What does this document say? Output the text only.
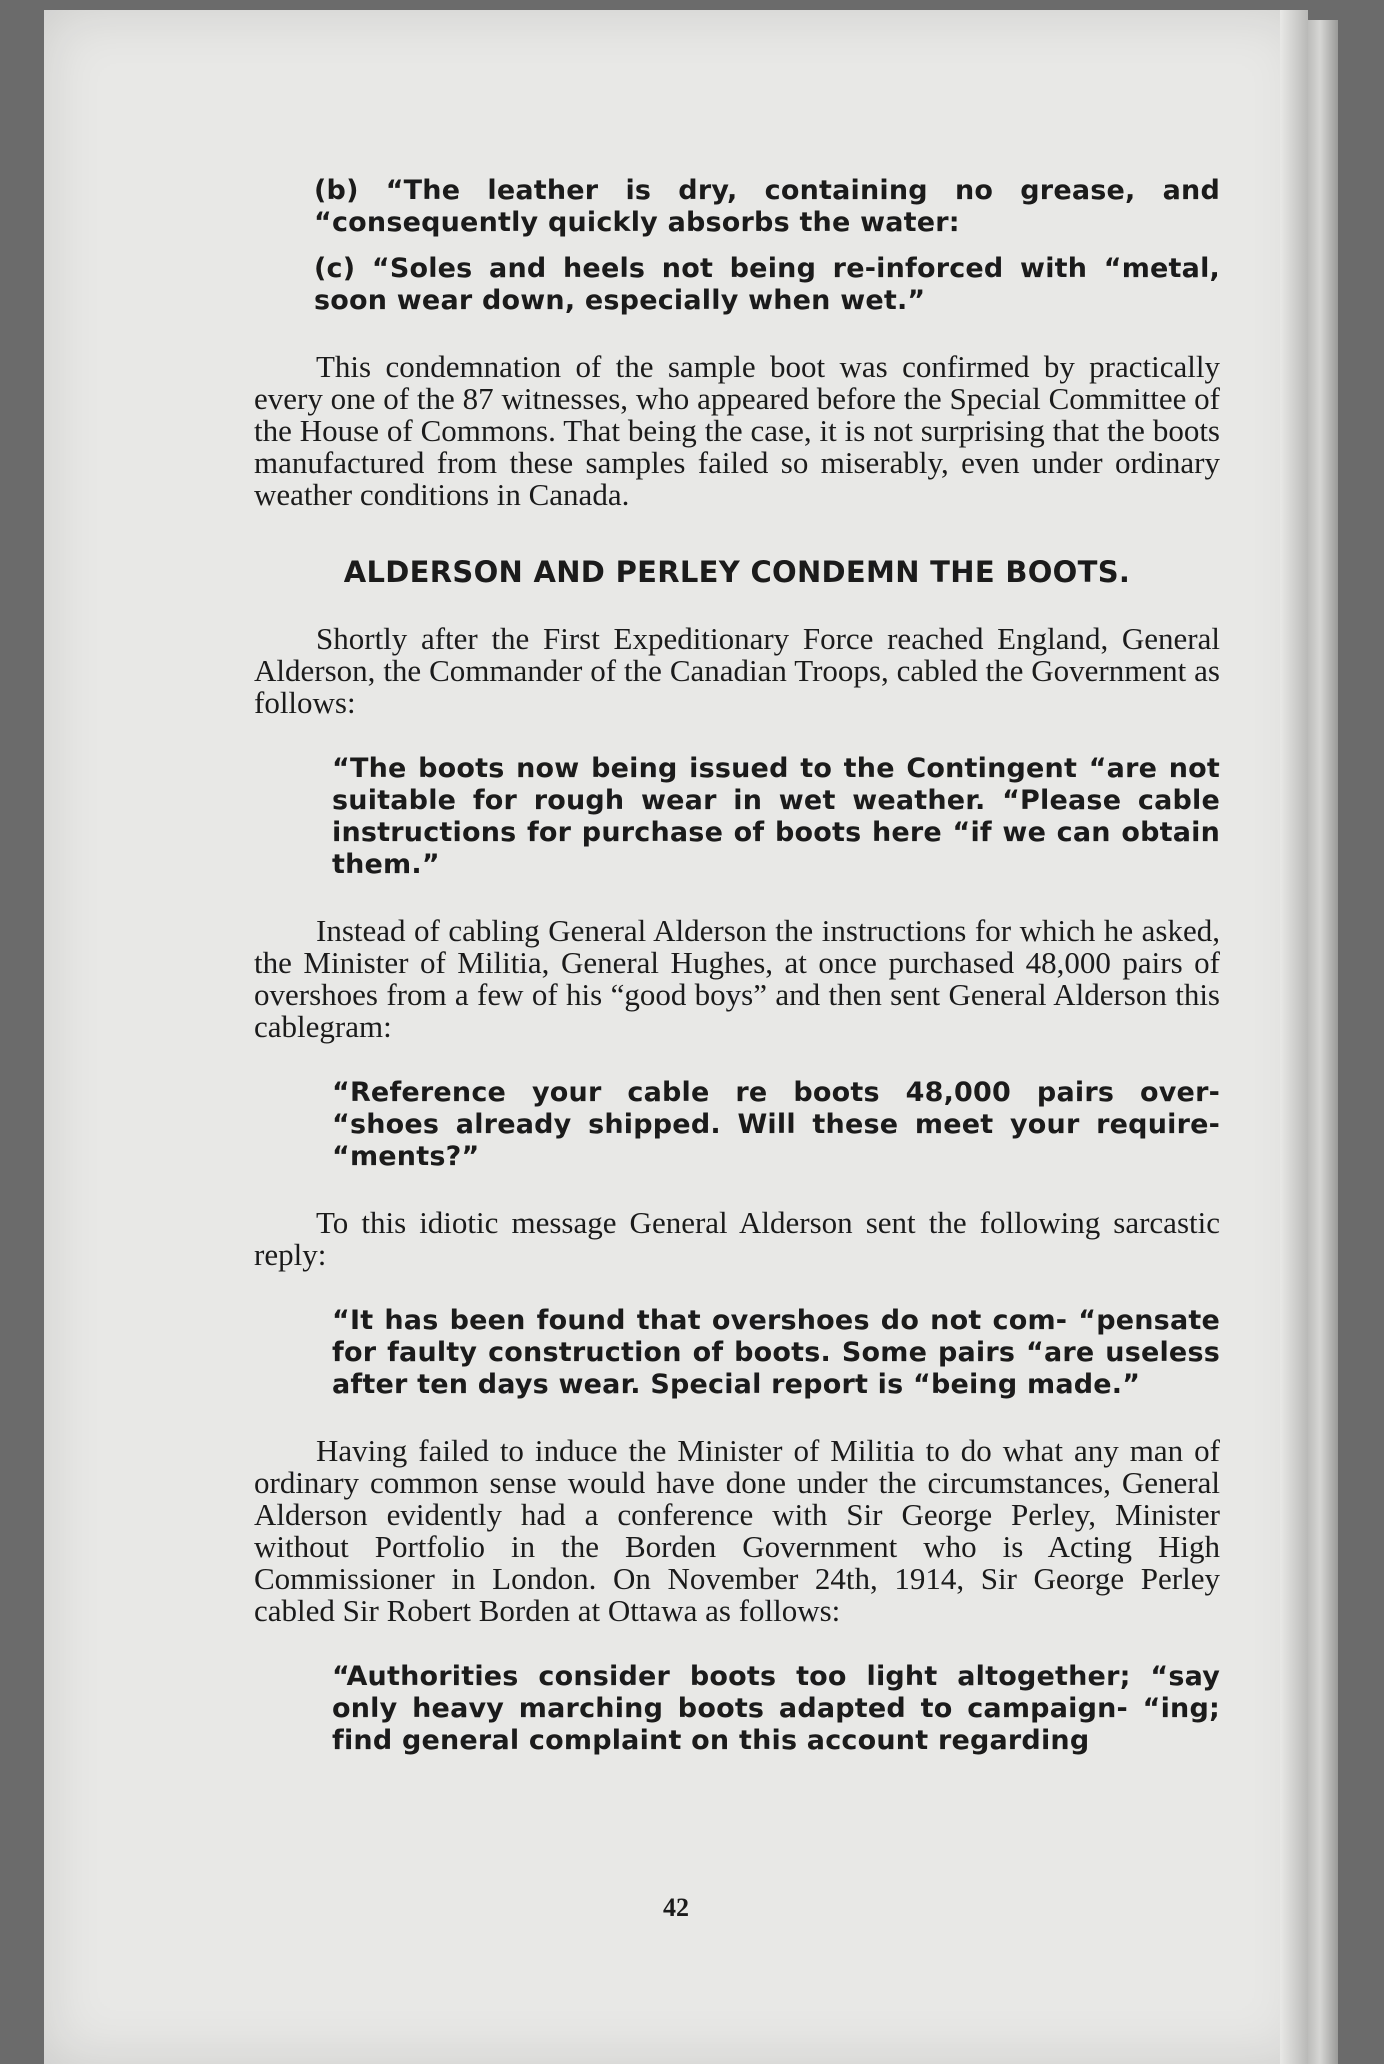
(b) “The leather is dry, containing no grease, and “consequently quickly absorbs the water:

(c) “Soles and heels not being re-inforced with “metal, soon wear down, especially when wet.”

This condemnation of the sample boot was confirmed by practically every one of the 87 witnesses, who appeared before the Special Committee of the House of Commons. That being the case, it is not surprising that the boots manufactured from these samples failed so miserably, even under ordinary weather conditions in Canada.

ALDERSON AND PERLEY CONDEMN THE BOOTS.

Shortly after the First Expeditionary Force reached England, General Alderson, the Commander of the Canadian Troops, cabled the Government as follows:

“The boots now being issued to the Contingent “are not suitable for rough wear in wet weather. “Please cable instructions for purchase of boots here “if we can obtain them.”

Instead of cabling General Alderson the instructions for which he asked, the Minister of Militia, General Hughes, at once purchased 48,000 pairs of overshoes from a few of his “good boys” and then sent General Alderson this cablegram:

“Reference your cable re boots 48,000 pairs over- “shoes already shipped. Will these meet your require- “ments?”

To this idiotic message General Alderson sent the following sarcastic reply:

“It has been found that overshoes do not com- “pensate for faulty construction of boots. Some pairs “are useless after ten days wear. Special report is “being made.”

Having failed to induce the Minister of Militia to do what any man of ordinary common sense would have done under the circumstances, General Alderson evidently had a conference with Sir George Perley, Minister without Portfolio in the Borden Government who is Acting High Commissioner in London. On November 24th, 1914, Sir George Perley cabled Sir Robert Borden at Ottawa as follows:

“Authorities consider boots too light altogether; “say only heavy marching boots adapted to campaign- “ing; find general complaint on this account regarding

42
